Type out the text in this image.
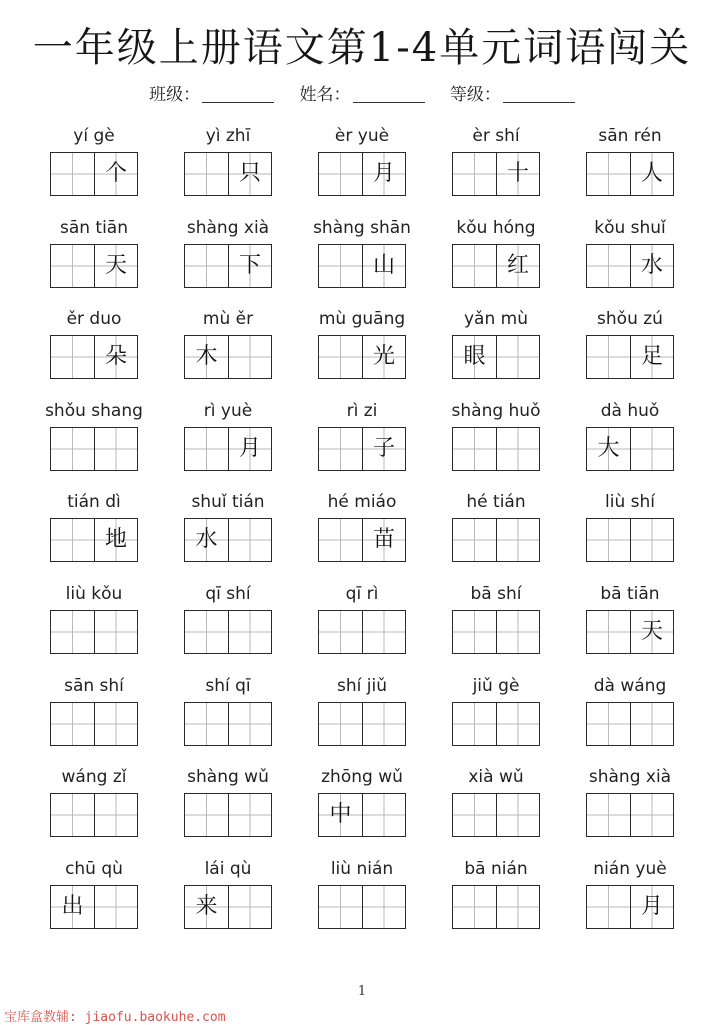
一年级上册语文第1-4单元词语闯关
班级：	姓名：	等级：
yí gè
个
yì zhī
只
èr yuè
月
èr shí
十
sān rén
人
sān tiān
天
shàng xià
下
shàng shān
山
kǒu hóng
红
kǒu shuǐ
水
ěr duo
朵
mù ěr
木
mù guāng
光
yǎn mù
眼
shǒu zú
足
shǒu shang	rì yuè
月
rì zi
子
shàng huǒ	dà huǒ
大
tián dì
地
shuǐ tián
水
hé miáo
苗
hé tián	liù shí
liù kǒu	qī shí	qī rì	bā shí	bā tiān
天
sān shí	shí qī	shí jiǔ	jiǔ gè	dà wáng
wáng zǐ	shàng wǔ	zhōng wǔ
中
xià wǔ	shàng xià
chū qù
出
lái qù
来
liù nián	bā nián	nián yuè
月
1
宝库盒教辅: jiaofu.baokuhe.com
